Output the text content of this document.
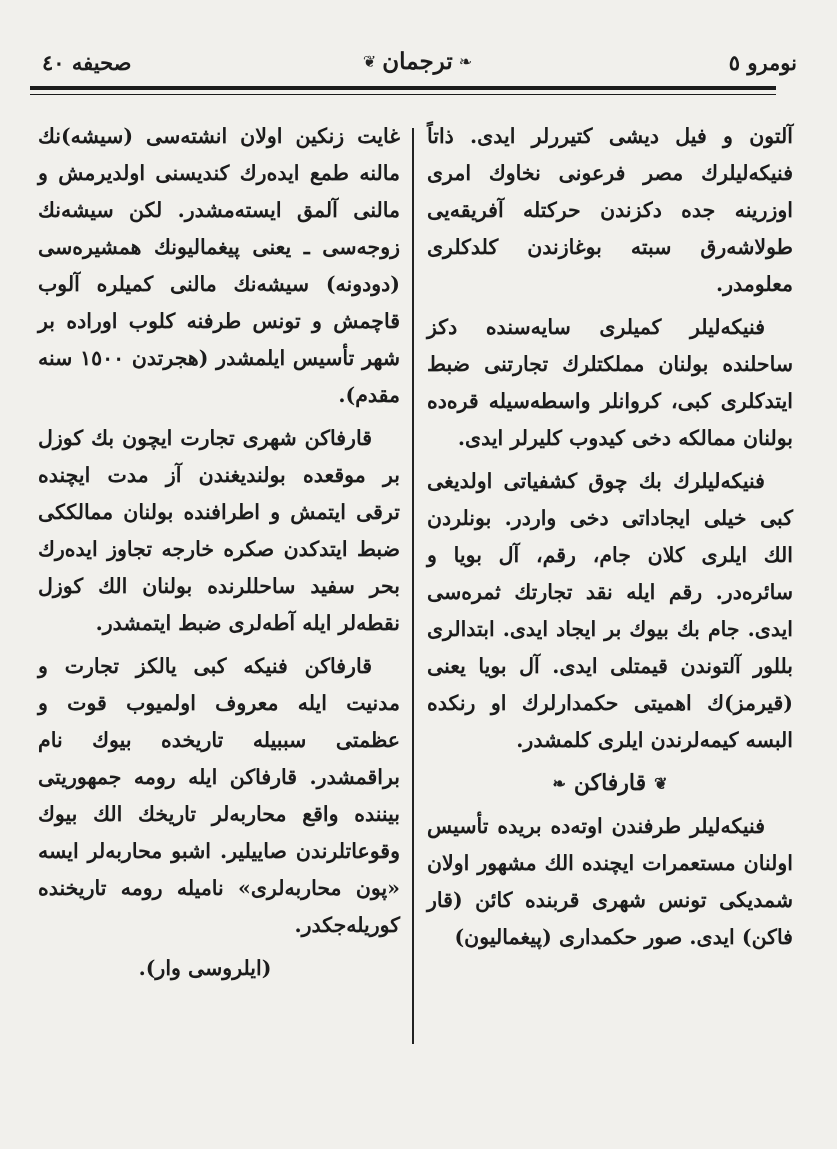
صحیفه ٤٠	❦ ترجمان ❧	نومرو ٥

آلتون و فیل دیشی کتیررلر ایدی. ذاتاً فنیکه‌لیلرك مصر فرعونی نخاوك امری اوزرینه جده دکزندن حرکتله آفریقه‌یی طولاشه‌رق سبته بوغازندن کلدکلری معلومدر.

فنیکه‌لیلر کمیلری سایه‌سنده دکز ساحلنده بولنان مملکتلرك تجارتنی ضبط ایتدکلری کبی، کروانلر واسطه‌سیله قره‌ده بولنان ممالکه دخی کیدوب کلیرلر ایدی.

فنیکه‌لیلرك بك چوق کشفیاتی اولدیغی کبی خیلی ایجاداتی دخی واردر. بونلردن الك ایلری کلان جام، رقم، آل بویا و سائره‌در. رقم ایله نقد تجارتك ثمره‌سی ایدی. جام بك بیوك بر ایجاد ایدی. ابتدالری بللور آلتوندن قیمتلی ایدی. آل بویا یعنی (قیرمز)ك اهمیتی حکمدارلرك او رنکده البسه کیمه‌لرندن ایلری کلمشدر.

❦
قارفاکن
❧

فنیکه‌لیلر طرفندن اوته‌ده بریده تأسیس اولنان مستعمرات ایچنده الك مشهور اولان شمدیکی تونس شهری قربنده کائن (قار فاکن) ایدی. صور حکمداری (پیغمالیون)

غایت زنکین اولان انشته‌سی (سیشه)نك مالنه طمع ایده‌رك کندیسنی اولدیرمش و مالنی آلمق ایسته‌مشدر. لکن سیشه‌نك زوجه‌سی ـ یعنی پیغمالیونك همشیره‌سی (دودونه) سیشه‌نك مالنی کمیلره آلوب قاچمش و تونس طرفنه کلوب اوراده بر شهر تأسیس ایلمشدر (هجرتدن ١٥٠٠ سنه مقدم).

قارفاکن شهری تجارت ایچون بك کوزل بر موقعده بولندیغندن آز مدت ایچنده ترقی ایتمش و اطرافنده بولنان ممالککی ضبط ایتدکدن صکره خارجه تجاوز ایده‌رك بحر سفید ساحللرنده بولنان الك کوزل نقطه‌لر ایله آطه‌لری ضبط ایتمشدر.

قارفاکن فنیکه کبی یالکز تجارت و مدنیت ایله معروف اولمیوب قوت و عظمتی سببیله تاریخده بیوك نام براقمشدر. قارفاکن ایله رومه جمهوریتی بیننده واقع محاربه‌لر تاریخك الك بیوك وقوعاتلرندن صاییلیر. اشبو محاربه‌لر ایسه «پون محاربه‌لری» نامیله رومه تاریخنده کوریله‌جکدر.

(ایلروسی وار).
